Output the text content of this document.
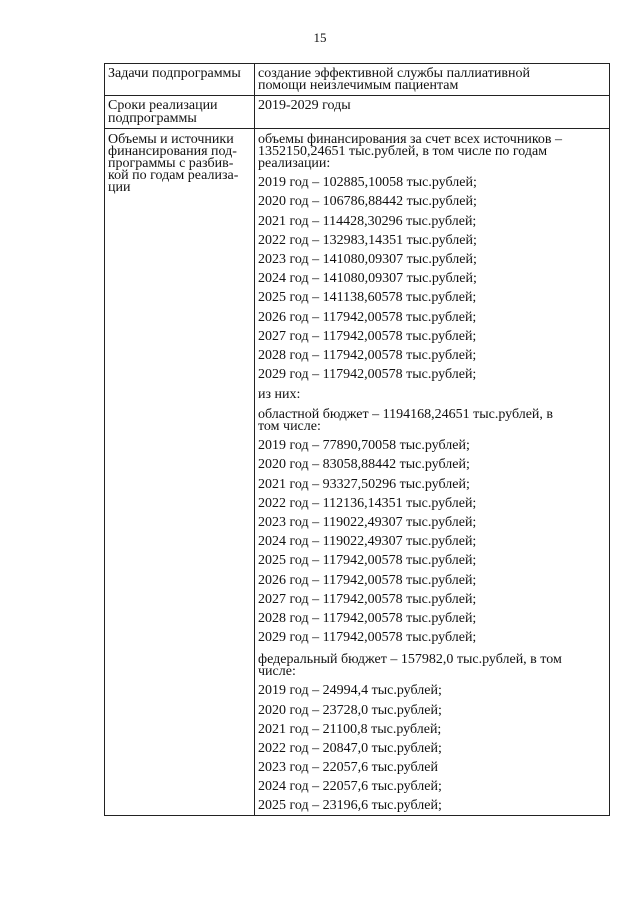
15
Задачи подпрограммы	создание эффективной службы паллиативной
помощи неизлечимым пациентам
Сроки реализации
подпрограммы
2019-2029 годы
Объемы и источники
финансирования под-
программы с разбив-
кой по годам реализа-
ции
объемы финансирования за счет всех источников –
1352150,24651 тыс.рублей, в том числе по годам
реализации:
2019 год – 102885,10058 тыс.рублей;
2020 год – 106786,88442 тыс.рублей;
2021 год – 114428,30296 тыс.рублей;
2022 год – 132983,14351 тыс.рублей;
2023 год – 141080,09307 тыс.рублей;
2024 год – 141080,09307 тыс.рублей;
2025 год – 141138,60578 тыс.рублей;
2026 год – 117942,00578 тыс.рублей;
2027 год – 117942,00578 тыс.рублей;
2028 год – 117942,00578 тыс.рублей;
2029 год – 117942,00578 тыс.рублей;
из них:
областной бюджет – 1194168,24651 тыс.рублей, в
том числе:
2019 год – 77890,70058 тыс.рублей;
2020 год – 83058,88442 тыс.рублей;
2021 год – 93327,50296 тыс.рублей;
2022 год – 112136,14351 тыс.рублей;
2023 год – 119022,49307 тыс.рублей;
2024 год – 119022,49307 тыс.рублей;
2025 год – 117942,00578 тыс.рублей;
2026 год – 117942,00578 тыс.рублей;
2027 год – 117942,00578 тыс.рублей;
2028 год – 117942,00578 тыс.рублей;
2029 год – 117942,00578 тыс.рублей;
федеральный бюджет – 157982,0 тыс.рублей, в том
числе:
2019 год – 24994,4 тыс.рублей;
2020 год – 23728,0 тыс.рублей;
2021 год – 21100,8 тыс.рублей;
2022 год – 20847,0 тыс.рублей;
2023 год – 22057,6 тыс.рублей
2024 год – 22057,6 тыс.рублей;
2025 год – 23196,6 тыс.рублей;
